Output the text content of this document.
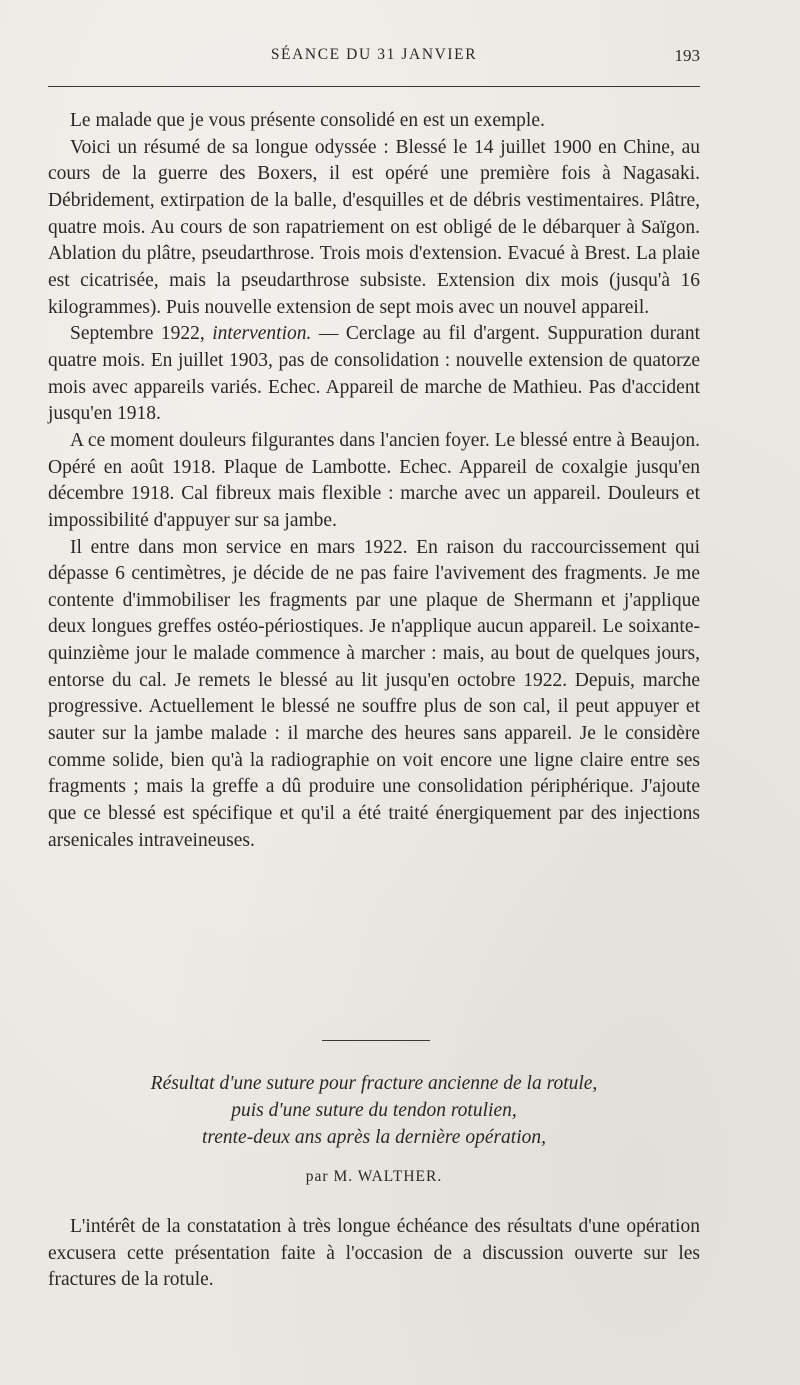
SÉANCE DU 31 JANVIER	193

Le malade que je vous présente consolidé en est un exemple.

Voici un résumé de sa longue odyssée : Blessé le 14 juillet 1900 en Chine, au cours de la guerre des Boxers, il est opéré une première fois à Nagasaki. Débridement, extirpation de la balle, d'esquilles et de débris vestimentaires. Plâtre, quatre mois. Au cours de son rapatriement on est obligé de le débarquer à Saïgon. Ablation du plâtre, pseudarthrose. Trois mois d'extension. Evacué à Brest. La plaie est cicatrisée, mais la pseudarthrose subsiste. Extension dix mois (jusqu'à 16 kilogrammes). Puis nouvelle extension de sept mois avec un nouvel appareil.

Septembre 1922, intervention. — Cerclage au fil d'argent. Suppuration durant quatre mois. En juillet 1903, pas de consolidation : nouvelle extension de quatorze mois avec appareils variés. Echec. Appareil de marche de Mathieu. Pas d'accident jusqu'en 1918.

A ce moment douleurs filgurantes dans l'ancien foyer. Le blessé entre à Beaujon. Opéré en août 1918. Plaque de Lambotte. Echec. Appareil de coxalgie jusqu'en décembre 1918. Cal fibreux mais flexible : marche avec un appareil. Douleurs et impossibilité d'appuyer sur sa jambe.

Il entre dans mon service en mars 1922. En raison du raccourcissement qui dépasse 6 centimètres, je décide de ne pas faire l'avivement des fragments. Je me contente d'immobiliser les fragments par une plaque de Shermann et j'applique deux longues greffes ostéo-périostiques. Je n'applique aucun appareil. Le soixante-quinzième jour le malade commence à marcher : mais, au bout de quelques jours, entorse du cal. Je remets le blessé au lit jusqu'en octobre 1922. Depuis, marche progressive. Actuellement le blessé ne souffre plus de son cal, il peut appuyer et sauter sur la jambe malade : il marche des heures sans appareil. Je le considère comme solide, bien qu'à la radiographie on voit encore une ligne claire entre ses fragments ; mais la greffe a dû produire une consolidation périphérique. J'ajoute que ce blessé est spécifique et qu'il a été traité énergiquement par des injections arsenicales intraveineuses.

Résultat d'une suture pour fracture ancienne de la rotule,
puis d'une suture du tendon rotulien,
trente-deux ans après la dernière opération,
par M. WALTHER.

L'intérêt de la constatation à très longue échéance des résultats d'une opération excusera cette présentation faite à l'occasion de a discussion ouverte sur les fractures de la rotule.
